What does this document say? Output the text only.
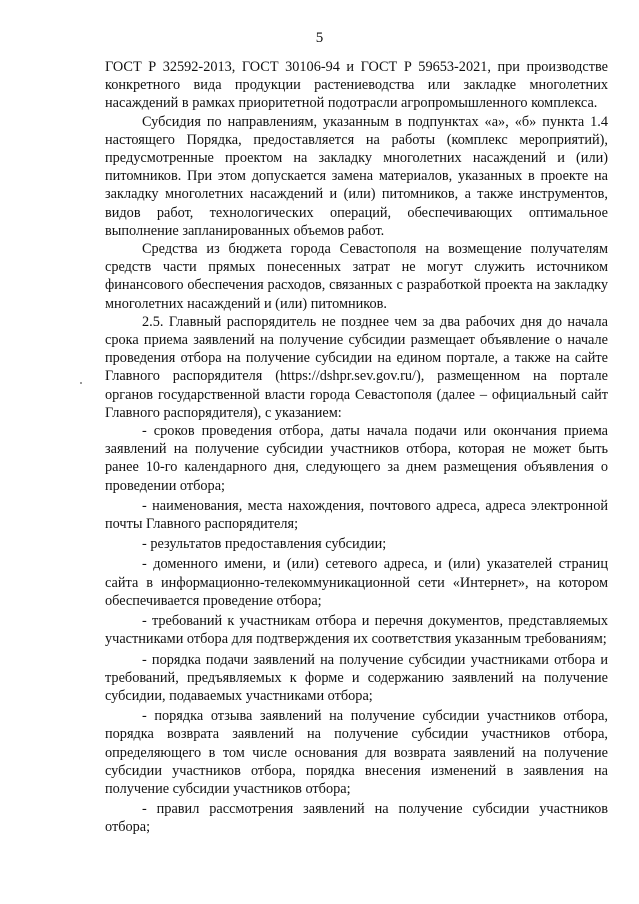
5

ГОСТ Р 32592-2013, ГОСТ 30106-94 и ГОСТ Р 59653-2021, при производстве конкретного вида продукции растениеводства или закладке многолетних насаждений в рамках приоритетной подотрасли агропромышленного комплекса.

Субсидия по направлениям, указанным в подпунктах «а», «б» пункта 1.4 настоящего Порядка, предоставляется на работы (комплекс мероприятий), предусмотренные проектом на закладку многолетних насаждений и (или) питомников. При этом допускается замена материалов, указанных в проекте на закладку многолетних насаждений и (или) питомников, а также инструментов, видов работ, технологических операций, обеспечивающих оптимальное выполнение запланированных объемов работ.

Средства из бюджета города Севастополя на возмещение получателям средств части прямых понесенных затрат не могут служить источником финансового обеспечения расходов, связанных с разработкой проекта на закладку многолетних насаждений и (или) питомников.

2.5. Главный распорядитель не позднее чем за два рабочих дня до начала срока приема заявлений на получение субсидии размещает объявление о начале проведения отбора на получение субсидии на едином портале, а также на сайте Главного распорядителя (https://dshpr.sev.gov.ru/), размещенном на портале органов государственной власти города Севастополя (далее – официальный сайт Главного распорядителя), с указанием:

- сроков проведения отбора, даты начала подачи или окончания приема заявлений на получение субсидии участников отбора, которая не может быть ранее 10-го календарного дня, следующего за днем размещения объявления о проведении отбора;

- наименования, места нахождения, почтового адреса, адреса электронной почты Главного распорядителя;

- результатов предоставления субсидии;

- доменного имени, и (или) сетевого адреса, и (или) указателей страниц сайта в информационно-телекоммуникационной сети «Интернет», на котором обеспечивается проведение отбора;

- требований к участникам отбора и перечня документов, представляемых участниками отбора для подтверждения их соответствия указанным требованиям;

- порядка подачи заявлений на получение субсидии участниками отбора и требований, предъявляемых к форме и содержанию заявлений на получение субсидии, подаваемых участниками отбора;

- порядка отзыва заявлений на получение субсидии участников отбора, порядка возврата заявлений на получение субсидии участников отбора, определяющего в том числе основания для возврата заявлений на получение субсидии участников отбора, порядка внесения изменений в заявления на получение субсидии участников отбора;

- правил рассмотрения заявлений на получение субсидии участников отбора;
